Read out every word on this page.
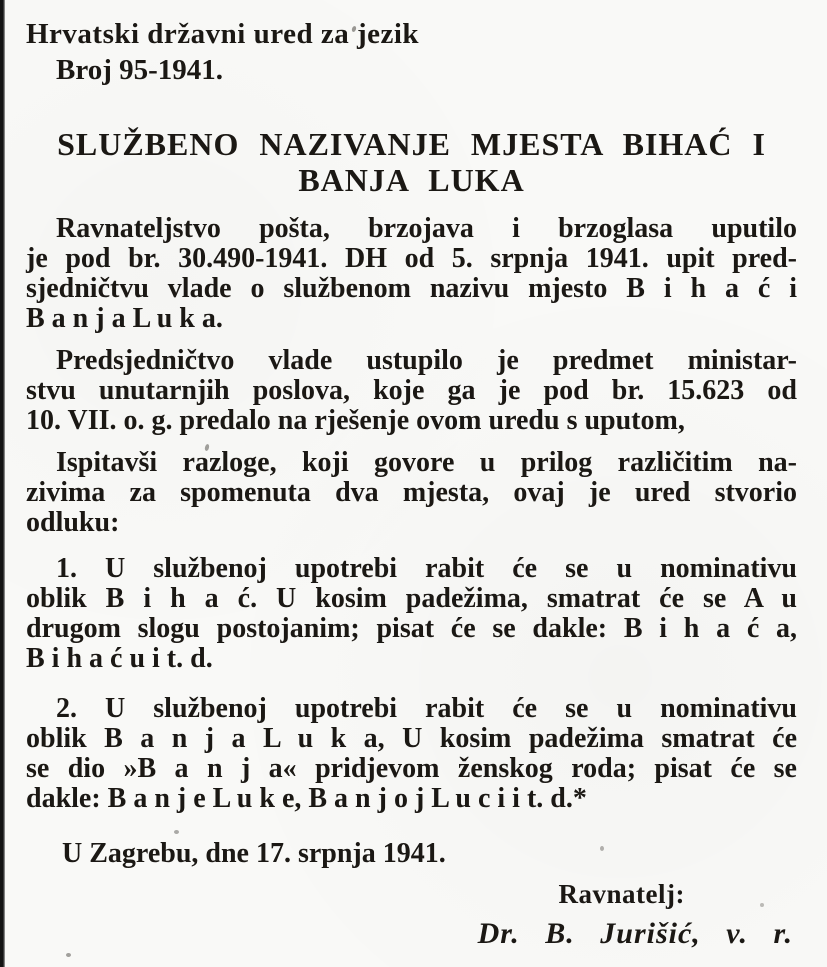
Hrvatski državni ured za jezik
Broj 95-1941.
SLUŽBENO NAZIVANJE MJESTA BIHAĆ I
BANJA LUKA
Ravnateljstvo pošta, brzojava i brzoglasa uputilo
je pod br. 30.490-1941. DH od 5. srpnja 1941. upit pred-
sjedničtvu vlade o službenom nazivu mjesto B i h a ć i
B a n j a L u k a.
Predsjedničtvo vlade ustupilo je predmet ministar-
stvu unutarnjih poslova, koje ga je pod br. 15.623 od
10. VII. o. g. predalo na rješenje ovom uredu s uputom,
Ispitavši razloge, koji govore u prilog različitim na-
zivima za spomenuta dva mjesta, ovaj je ured stvorio
odluku:
1. U službenoj upotrebi rabit će se u nominativu
oblik B i h a ć. U kosim padežima, smatrat će se A u
drugom slogu postojanim; pisat će se dakle: B i h a ć a,
B i h a ć u i t. d.
2. U službenoj upotrebi rabit će se u nominativu
oblik B a n j a L u k a, U kosim padežima smatrat će
se dio »B a n j a« pridjevom ženskog roda; pisat će se
dakle: B a n j e L u k e, B a n j o j L u c i i t. d.*
U Zagrebu, dne 17. srpnja 1941.
Ravnatelj:
Dr. B. Jurišić, v. r.
